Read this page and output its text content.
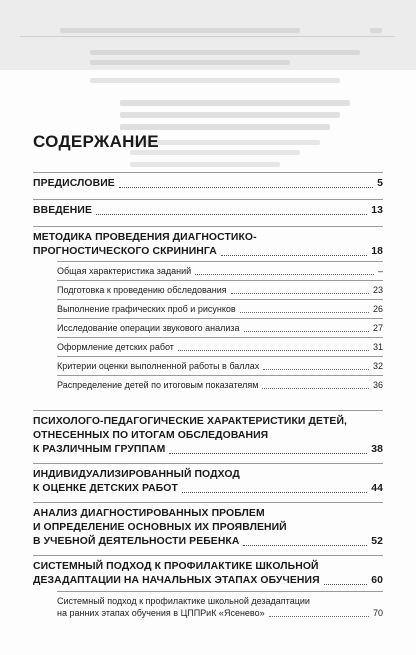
СОДЕРЖАНИЕ
ПРЕДИСЛОВИЕ	5
ВВЕДЕНИЕ	13
МЕТОДИКА ПРОВЕДЕНИЯ ДИАГНОСТИКО-
ПРОГНОСТИЧЕСКОГО СКРИНИНГА	18
Общая характеристика заданий	–
Подготовка к проведению обследования	23
Выполнение графических проб и рисунков	26
Исследование операции звукового анализа	27
Оформление детских работ	31
Критерии оценки выполненной работы в баллах	32
Распределение детей по итоговым показателям	36
ПСИХОЛОГО-ПЕДАГОГИЧЕСКИЕ ХАРАКТЕРИСТИКИ ДЕТЕЙ,
ОТНЕСЕННЫХ ПО ИТОГАМ ОБСЛЕДОВАНИЯ
К РАЗЛИЧНЫМ ГРУППАМ	38
ИНДИВИДУАЛИЗИРОВАННЫЙ ПОДХОД
К ОЦЕНКЕ ДЕТСКИХ РАБОТ	44
АНАЛИЗ ДИАГНОСТИРОВАННЫХ ПРОБЛЕМ
И ОПРЕДЕЛЕНИЕ ОСНОВНЫХ ИХ ПРОЯВЛЕНИЙ
В УЧЕБНОЙ ДЕЯТЕЛЬНОСТИ РЕБЕНКА	52
СИСТЕМНЫЙ ПОДХОД К ПРОФИЛАКТИКЕ ШКОЛЬНОЙ
ДЕЗАДАПТАЦИИ НА НАЧАЛЬНЫХ ЭТАПАХ ОБУЧЕНИЯ	60
Системный подход к профилактике школьной дезадаптации
на ранних этапах обучения в ЦППРиК «Ясенево»	70
